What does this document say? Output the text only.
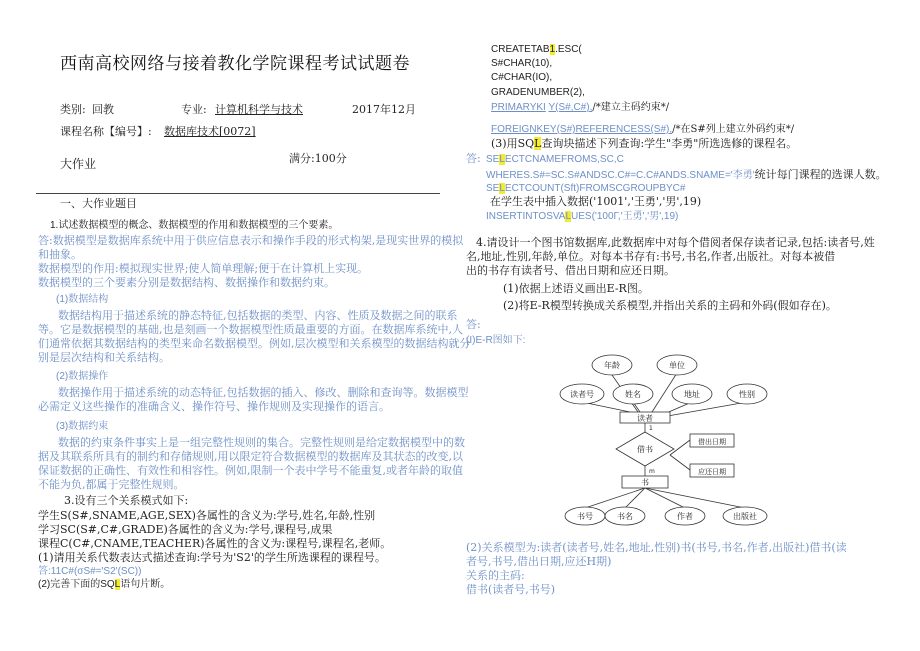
西南高校网络与接着教化学院课程考试试题卷
类别: 回教	专业: 计算机科学与技术	2017年12月
课程名称【编号】: 数据库技术[0072]
大作业	满分:100分
一、大作业题目
1.试述数据模型的概念、数据模型的作用和数据模型的三个要素。
答:数据模型是数据库系统中用于供应信息表示和操作手段的形式构架,是现实世界的模拟
和抽象。
数据模型的作用:模拟现实世界;使人简单理解;便于在计算机上实现。
数据模型的三个要素分别是数据结构、数据操作和数据约束。
(1)数据结构
数据结构用于描述系统的静态特征,包括数据的类型、内容、性质及数据之间的联系
等。它是数据模型的基础,也是刻画一个数据模型性质最重要的方面。在数据库系统中,人
们通常依据其数据结构的类型来命名数据模型。例如,层次模型和关系模型的数据结构就分
别是层次结构和关系结构。
(2)数据操作
数据操作用于描述系统的动态特征,包括数据的插入、修改、删除和查询等。数据模型
必需定义这些操作的准确含义、操作符号、操作规则及实现操作的语言。
(3)数据约束
数据的约束条件事实上是一组完整性规则的集合。完整性规则是给定数据模型中的数
据及其联系所具有的制约和存储规则,用以限定符合数据模型的数据库及其状态的改变,以
保证数据的正确性、有效性和相容性。例如,限制一个表中学号不能重复,或者年龄的取值
不能为负,都属于完整性规则。
3.设有三个关系模式如下:
学生S(S#,SNAME,AGE,SEX)各属性的含义为:学号,姓名,年龄,性别
学习SC(S#,C#,GRADE)各属性的含义为:学号,课程号,成果
课程C(C#,CNAME,TEACHER)各属性的含义为:课程号,课程名,老师。
(1)请用关系代数表达式描述查询:学号为'S2'的学生所选课程的课程号。
答:11C#(σS#='S2'(SC))
(2)完善下面的SQL语句片断。
CREATETAB1.ESC(
S#CHAR(10),
C#CHAR(IO),
GRADENUMBER(2),
PRIMARYKI Y(S#,C#),/*建立主码约束*/
FOREIGNKEY(S#)REFERENCESS(S#),/*在S#列上建立外码约束*/
(3)用SQL查询块描述下列查询:学生"李勇"所选选修的课程名。
答: SELECTCNAMEFROMS,SC,C
WHERES.S#=SC.S#ANDSC.C#=C.C#ANDS.SNAME='李勇'统计每门课程的选课人数。
SELECTCOUNT(Sft)FROMSCGROUPBYC#
在学生表中插入数据('1001','王勇','男',19)
INSERTINTOSVALUES('100Γ,'王勇','男',19)
4.请设计一个图书馆数据库,此数据库中对每个借阅者保存读者记录,包括:读者号,姓
名,地址,性别,年龄,单位。对每本书存有:书号,书名,作者,出版社。对每本被借
出的书存有读者号、借出日期和应还日期。
(1)依据上述语义画出E-R图。
(2)将E-R模型转换成关系模型,并指出关系的主码和外码(假如存在)。
答:
(I)E-R图如下:
年龄	单位
读者号	姓名	地址	性别
读者
1
借书
m
借出日期
应还日期
书
书号	书名	作者	出版社
(2)关系模型为:读者(读者号,姓名,地址,性别)书(书号,书名,作者,出版社)借书(读
者号,书号,借出日期,应还H期)
关系的主码:
借书(读者号,书号)
